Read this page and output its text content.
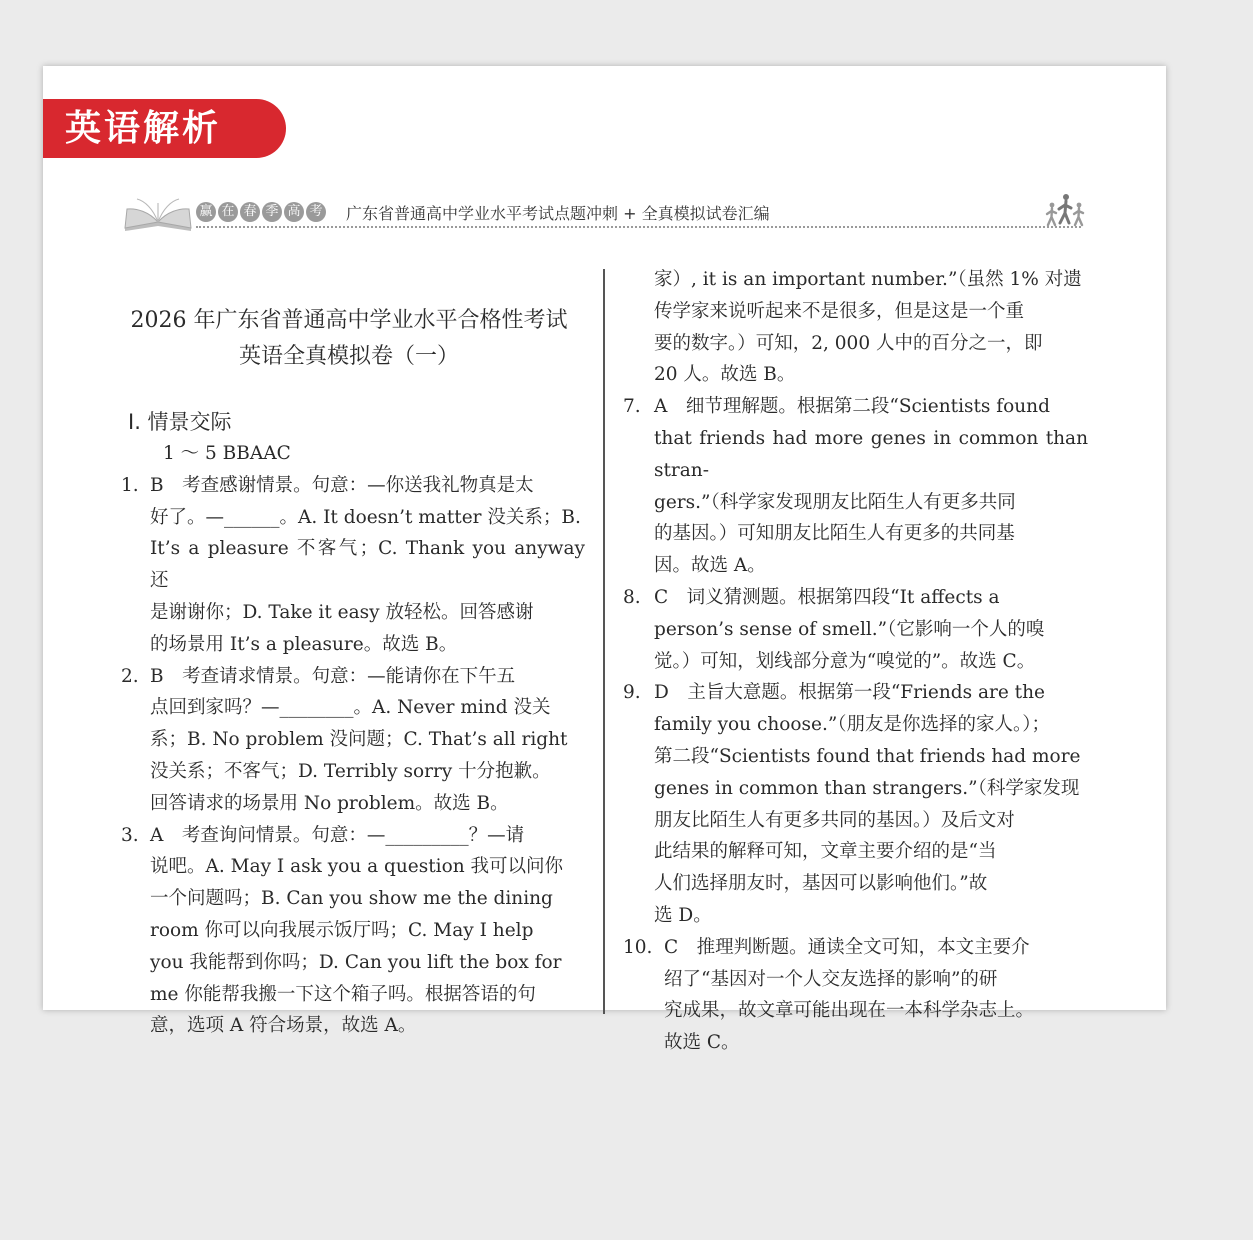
英语解析
赢 在 春 季 高 考 广东省普通高中学业水平考试点题冲刺 + 全真模拟试卷汇编
2026 年广东省普通高中学业水平合格性考试
英语全真模拟卷（一）
Ⅰ. 情景交际
1 ～ 5 BBAAC
1. B　考查感谢情景。句意：—你送我礼物真是太
好了。—______。A. It doesn’t matter 没关系；B.
It’s a pleasure 不客气；C. Thank you anyway 还
是谢谢你；D. Take it easy 放轻松。回答感谢
的场景用 It’s a pleasure。故选 B。
2. B　考查请求情景。句意：—能请你在下午五
点回到家吗？—________。A. Never mind 没关
系；B. No problem 没问题；C. That’s all right
没关系；不客气；D. Terribly sorry 十分抱歉。
回答请求的场景用 No problem。故选 B。
3. A　考查询问情景。句意：—_________？—请
说吧。A. May I ask you a question 我可以问你
一个问题吗；B. Can you show me the dining
room 你可以向我展示饭厅吗；C. May I help
you 我能帮到你吗；D. Can you lift the box for
me 你能帮我搬一下这个箱子吗。根据答语的句
意，选项 A 符合场景，故选 A。
家）, it is an important number.”（虽然 1% 对遗
传学家来说听起来不是很多，但是这是一个重
要的数字。）可知，2, 000 人中的百分之一，即
20 人。故选 B。
7. A　细节理解题。根据第二段“Scientists found
that friends had more genes in common than stran-
gers.”（科学家发现朋友比陌生人有更多共同
的基因。）可知朋友比陌生人有更多的共同基
因。故选 A。
8. C　词义猜测题。根据第四段“It affects a
person’s sense of smell.”（它影响一个人的嗅
觉。）可知，划线部分意为“嗅觉的”。故选 C。
9. D　主旨大意题。根据第一段“Friends are the
family you choose.”（朋友是你选择的家人。）；
第二段“Scientists found that friends had more
genes in common than strangers.”（科学家发现
朋友比陌生人有更多共同的基因。）及后文对
此结果的解释可知，文章主要介绍的是“当
人们选择朋友时，基因可以影响他们。”故
选 D。
10. C　推理判断题。通读全文可知，本文主要介
绍了“基因对一个人交友选择的影响”的研
究成果，故文章可能出现在一本科学杂志上。
故选 C。
